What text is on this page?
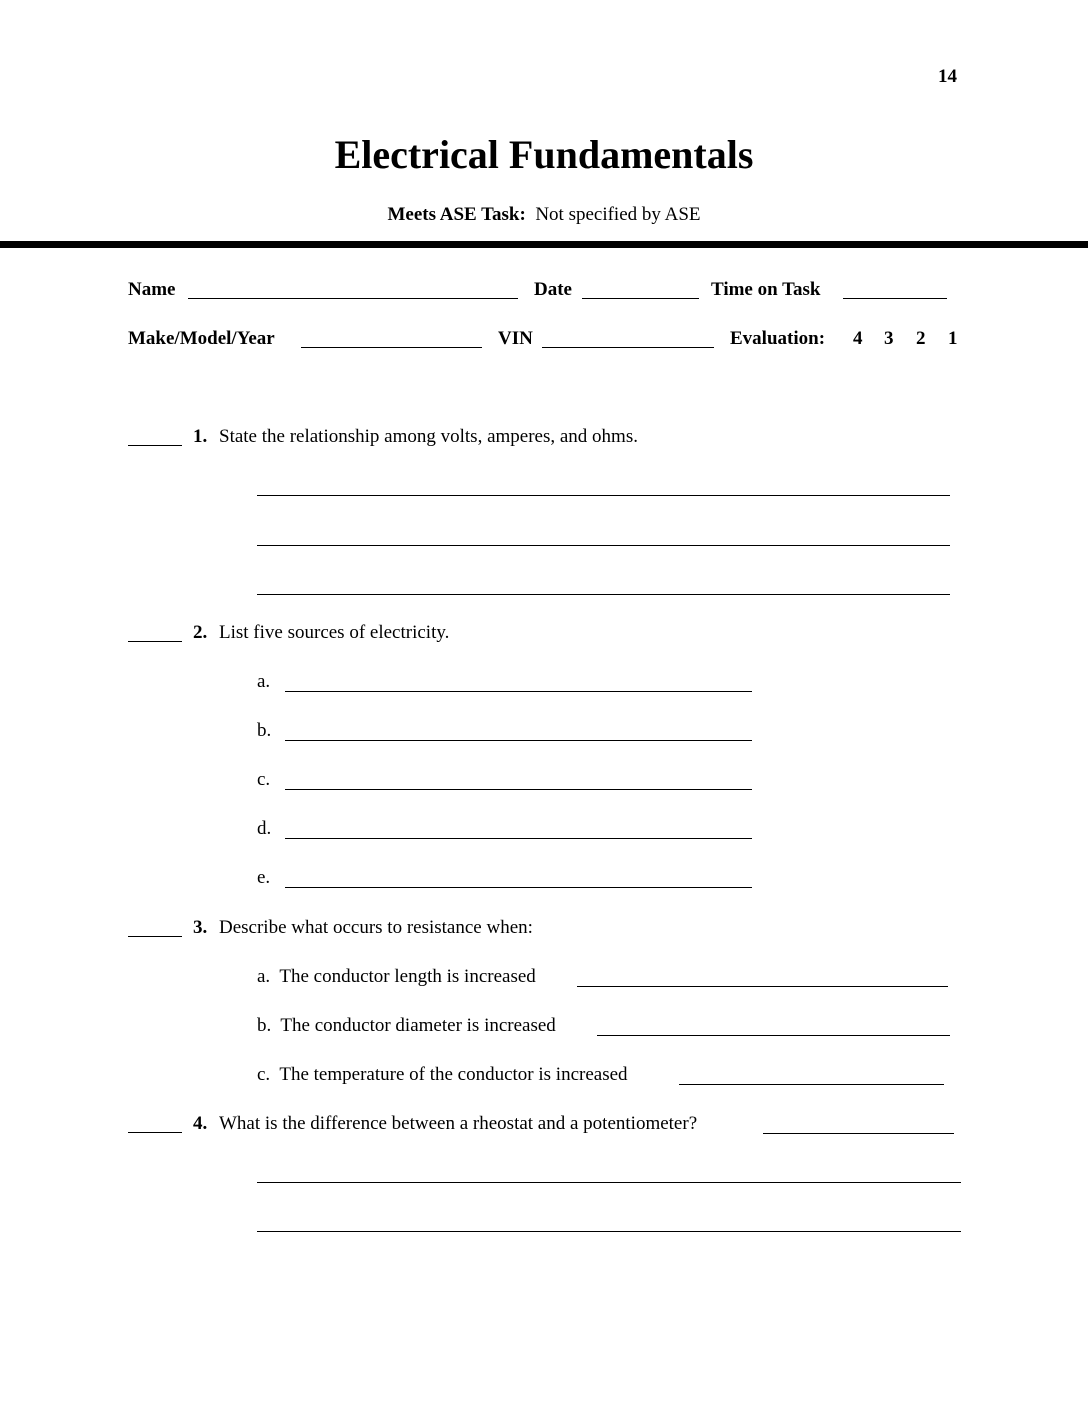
14
Electrical Fundamentals
Meets ASE Task: Not specified by ASE
Name	Date	Time on Task
Make/Model/Year	VIN	Evaluation: 4 3 2 1
1. State the relationship among volts, amperes, and ohms.
2. List five sources of electricity.
a.
b.
c.
d.
e.
3. Describe what occurs to resistance when:
a. The conductor length is increased
b. The conductor diameter is increased
c. The temperature of the conductor is increased
4. What is the difference between a rheostat and a potentiometer?
